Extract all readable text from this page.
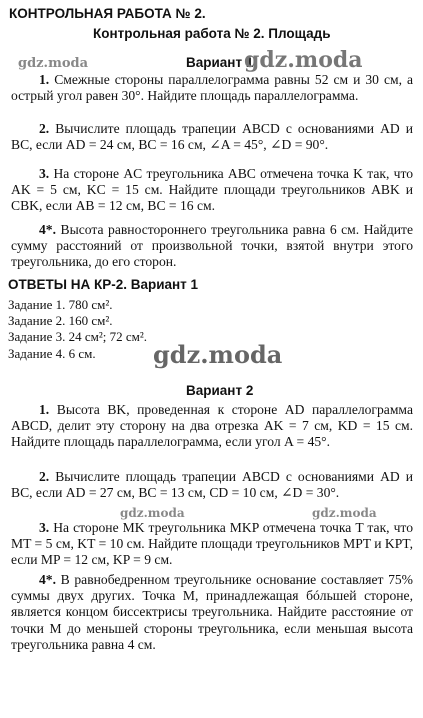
КОНТРОЛЬНАЯ РАБОТА № 2.
Контрольная работа № 2. Площадь
gdz.moda	Вариант 1
gdz.moda
1. Смежные стороны параллелограмма равны 52 см и 30 см, а острый угол равен 30°. Найдите площадь параллелограмма.
2. Вычислите площадь трапеции ABCD с основаниями AD и BC, если AD = 24 см, BC = 16 см, ∠A = 45°, ∠D = 90°.
3. На стороне AC треугольника ABC отмечена точка K так, что AK = 5 см, KC = 15 см. Найдите площади треугольников ABK и CBK, если AB = 12 см, BC = 16 см.
4*. Высота равностороннего треугольника равна 6 см. Найдите сумму расстояний от произвольной точки, взятой внутри этого треугольника, до его сторон.
ОТВЕТЫ НА КР-2. Вариант 1
Задание 1. 780 см².
Задание 2. 160 см².
Задание 3. 24 см²; 72 см².
Задание 4. 6 см.	gdz.moda
Вариант 2
1. Высота BK, проведенная к стороне AD параллелограмма ABCD, делит эту сторону на два отрезка AK = 7 см, KD = 15 см. Найдите площадь параллелограмма, если угол A = 45°.
2. Вычислите площадь трапеции ABCD с основаниями AD и BC, если AD = 27 см, BC = 13 см, CD = 10 см, ∠D = 30°.
gdz.moda	gdz.moda
3. На стороне MK треугольника MKP отмечена точка T так, что MT = 5 см, KT = 10 см. Найдите площади треугольников MPT и KPT, если MP = 12 см, KP = 9 см.
4*. В равнобедренном треугольнике основание составляет 75% суммы двух других. Точка M, принадлежащая бóльшей стороне, является концом биссектрисы треугольника. Найдите расстояние от точки M до меньшей стороны треугольника, если меньшая высота треугольника равна 4 см.
